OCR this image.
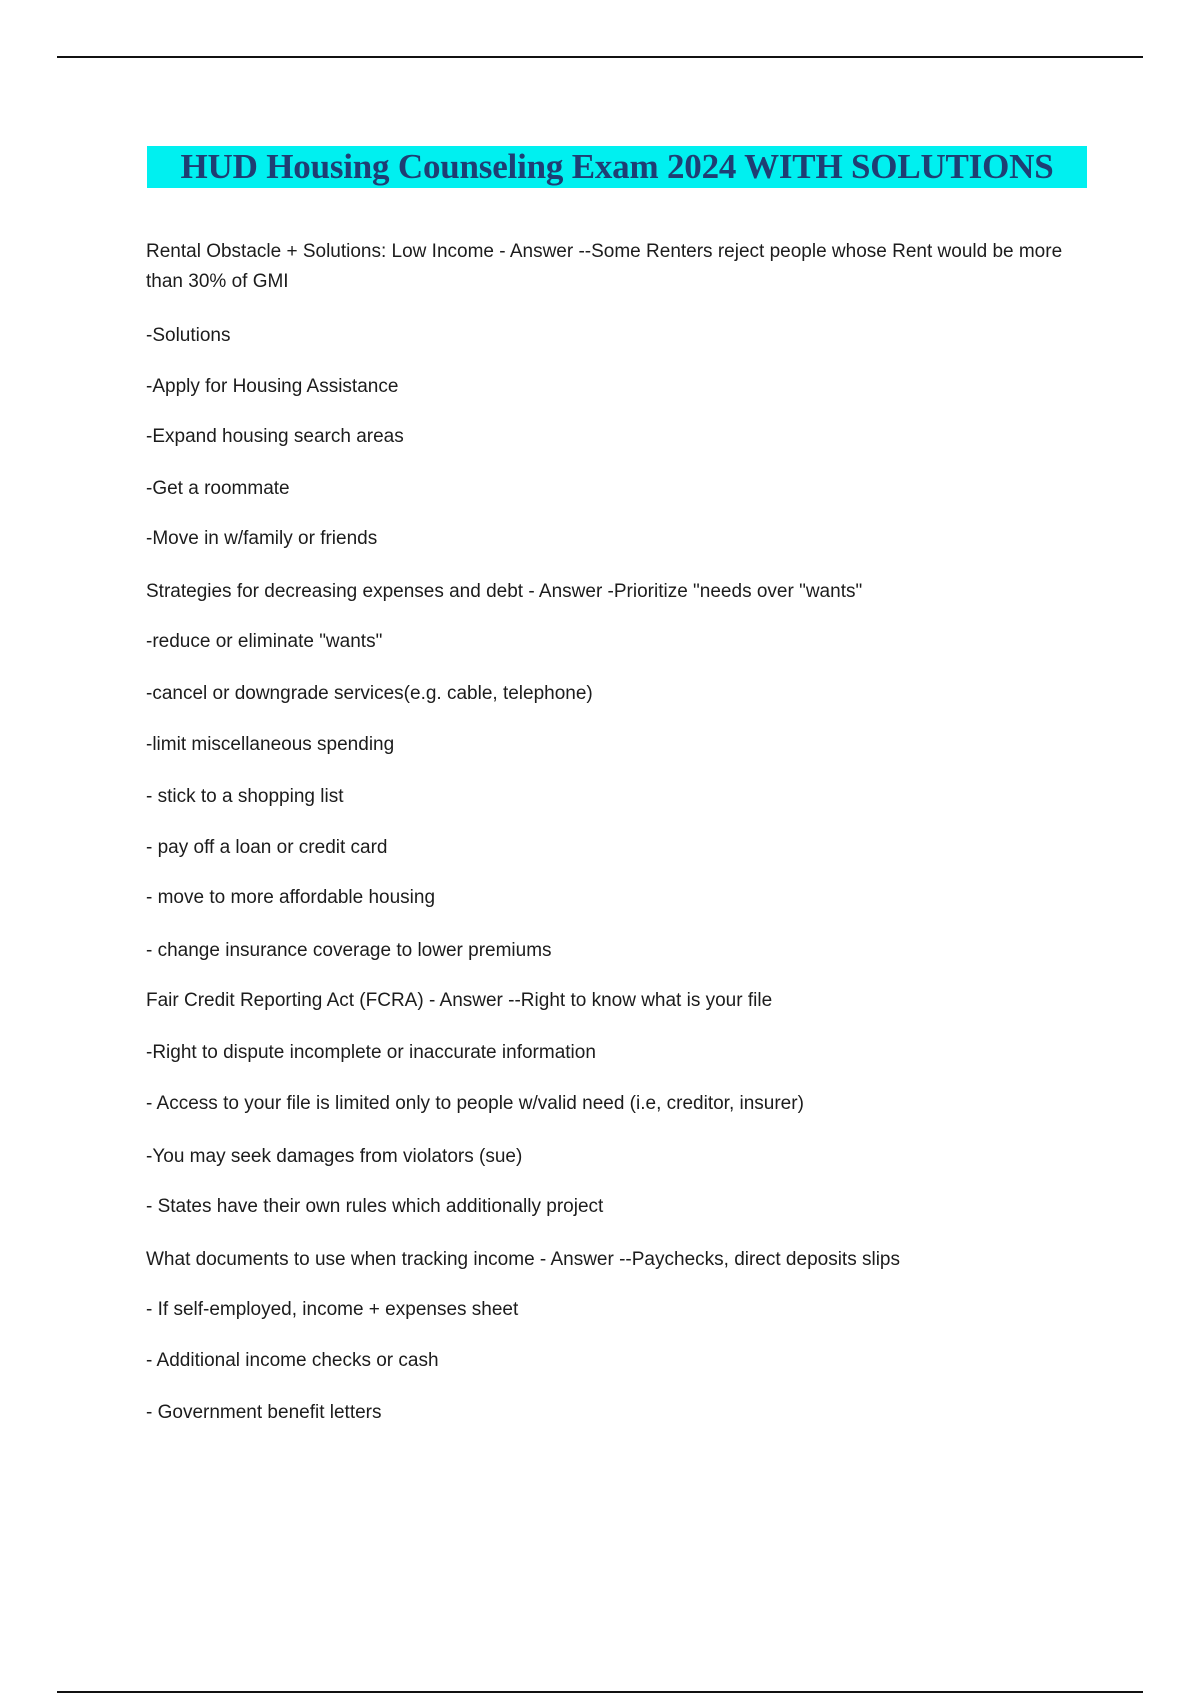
HUD Housing Counseling Exam 2024 WITH SOLUTIONS
Rental Obstacle + Solutions: Low Income - Answer --Some Renters reject people whose Rent would be more than 30% of GMI
-Solutions
-Apply for Housing Assistance
-Expand housing search areas
-Get a roommate
-Move in w/family or friends
Strategies for decreasing expenses and debt - Answer -Prioritize "needs over "wants"
-reduce or eliminate "wants"
-cancel or downgrade services(e.g. cable, telephone)
-limit miscellaneous spending
- stick to a shopping list
- pay off a loan or credit card
- move to more affordable housing
- change insurance coverage to lower premiums
Fair Credit Reporting Act (FCRA) - Answer --Right to know what is your file
-Right to dispute incomplete or inaccurate information
- Access to your file is limited only to people w/valid need (i.e, creditor, insurer)
-You may seek damages from violators (sue)
- States have their own rules which additionally project
What documents to use when tracking income - Answer --Paychecks, direct deposits slips
- If self-employed, income + expenses sheet
- Additional income checks or cash
- Government benefit letters
